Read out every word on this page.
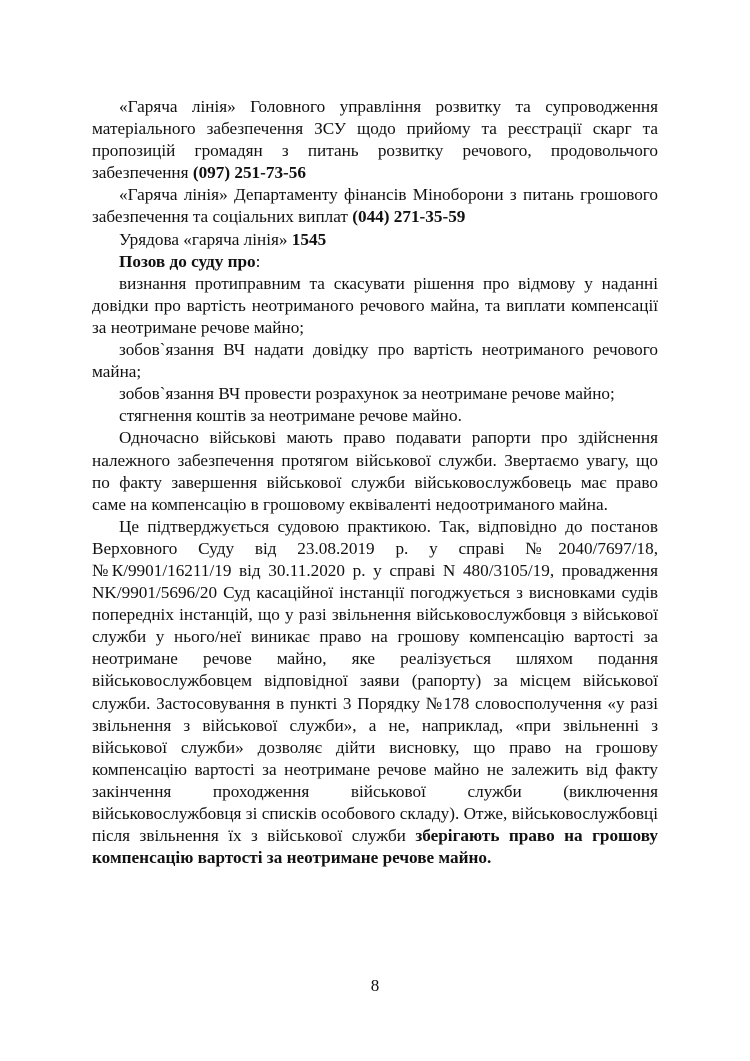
«Гаряча лінія» Головного управління розвитку та супроводження матеріального забезпечення ЗСУ щодо прийому та реєстрації скарг та пропозицій громадян з питань розвитку речового, продовольчого забезпечення (097) 251-73-56

«Гаряча лінія» Департаменту фінансів Міноборони з питань грошового забезпечення та соціальних виплат (044) 271-35-59

Урядова «гаряча лінія» 1545

Позов до суду про:

визнання протиправним та скасувати рішення про відмову у наданні довідки про вартість неотриманого речового майна, та виплати компенсації за неотримане речове майно;

зобов`язання ВЧ надати довідку про вартість неотриманого речового майна;

зобов`язання ВЧ провести розрахунок за неотримане речове майно;

стягнення коштів за неотримане речове майно.

Одночасно військові мають право подавати рапорти про здійснення належного забезпечення протягом військової служби. Звертаємо увагу, що по факту завершення військової служби військовослужбовець має право саме на компенсацію в грошовому еквіваленті недоотриманого майна.

Це підтверджується судовою практикою. Так, відповідно до постанов Верховного Суду від 23.08.2019 р. у справі №2040/7697/18, №К/9901/16211/19 від 30.11.2020 р. у справі N 480/3105/19, провадження NK/9901/5696/20 Суд касаційної інстанції погоджується з висновками судів попередніх інстанцій, що у разі звільнення військовослужбовця з військової служби у нього/неї виникає право на грошову компенсацію вартості за неотримане речове майно, яке реалізується шляхом подання військовослужбовцем відповідної заяви (рапорту) за місцем військової служби. Застосовування в пункті 3 Порядку №178 словосполучення «у разі звільнення з військової служби», а не, наприклад, «при звільненні з військової служби» дозволяє дійти висновку, що право на грошову компенсацію вартості за неотримане речове майно не залежить від факту закінчення проходження військової служби (виключення військовослужбовця зі списків особового складу). Отже, військовослужбовці після звільнення їх з військової служби зберігають право на грошову компенсацію вартості за неотримане речове майно.

8
